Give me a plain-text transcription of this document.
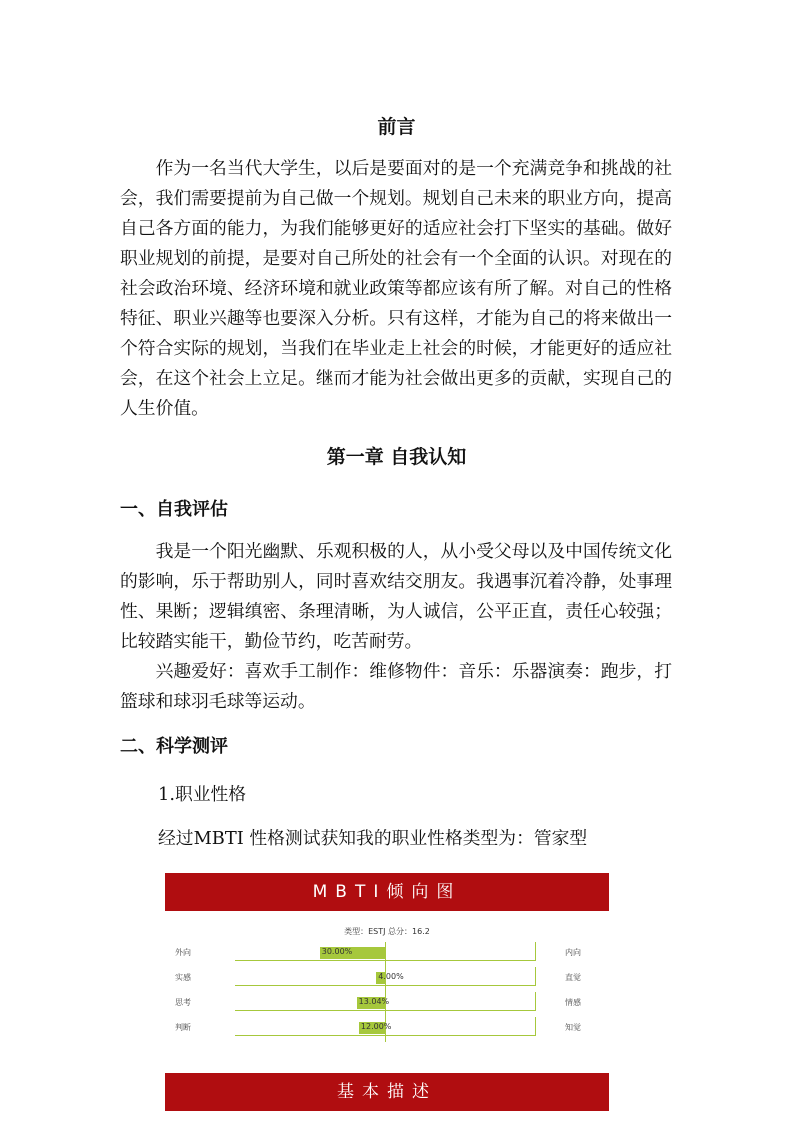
前言

作为一名当代大学生，以后是要面对的是一个充满竞争和挑战的社会，我们需要提前为自己做一个规划。规划自己未来的职业方向，提高自己各方面的能力，为我们能够更好的适应社会打下坚实的基础。做好职业规划的前提，是要对自己所处的社会有一个全面的认识。对现在的社会政治环境、经济环境和就业政策等都应该有所了解。对自己的性格特征、职业兴趣等也要深入分析。只有这样，才能为自己的将来做出一个符合实际的规划，当我们在毕业走上社会的时候，才能更好的适应社会，在这个社会上立足。继而才能为社会做出更多的贡献，实现自己的人生价值。

第一章 自我认知
一、自我评估

我是一个阳光幽默、乐观积极的人，从小受父母以及中国传统文化的影响，乐于帮助别人，同时喜欢结交朋友。我遇事沉着冷静，处事理性、果断；逻辑缜密、条理清晰，为人诚信，公平正直，责任心较强；比较踏实能干，勤俭节约，吃苦耐劳。

兴趣爱好：喜欢手工制作：维修物件：音乐：乐器演奏：跑步，打篮球和球羽毛球等运动。

二、科学测评
1.职业性格
经过MBTI 性格测试获知我的职业性格类型为：管家型
MBTI倾向图
类型：ESTJ 总分：16.2
外向	内向
30.00%
实感	直觉
4.00%
思考	情感
13.04%
判断	知觉
12.00%
基本描述
